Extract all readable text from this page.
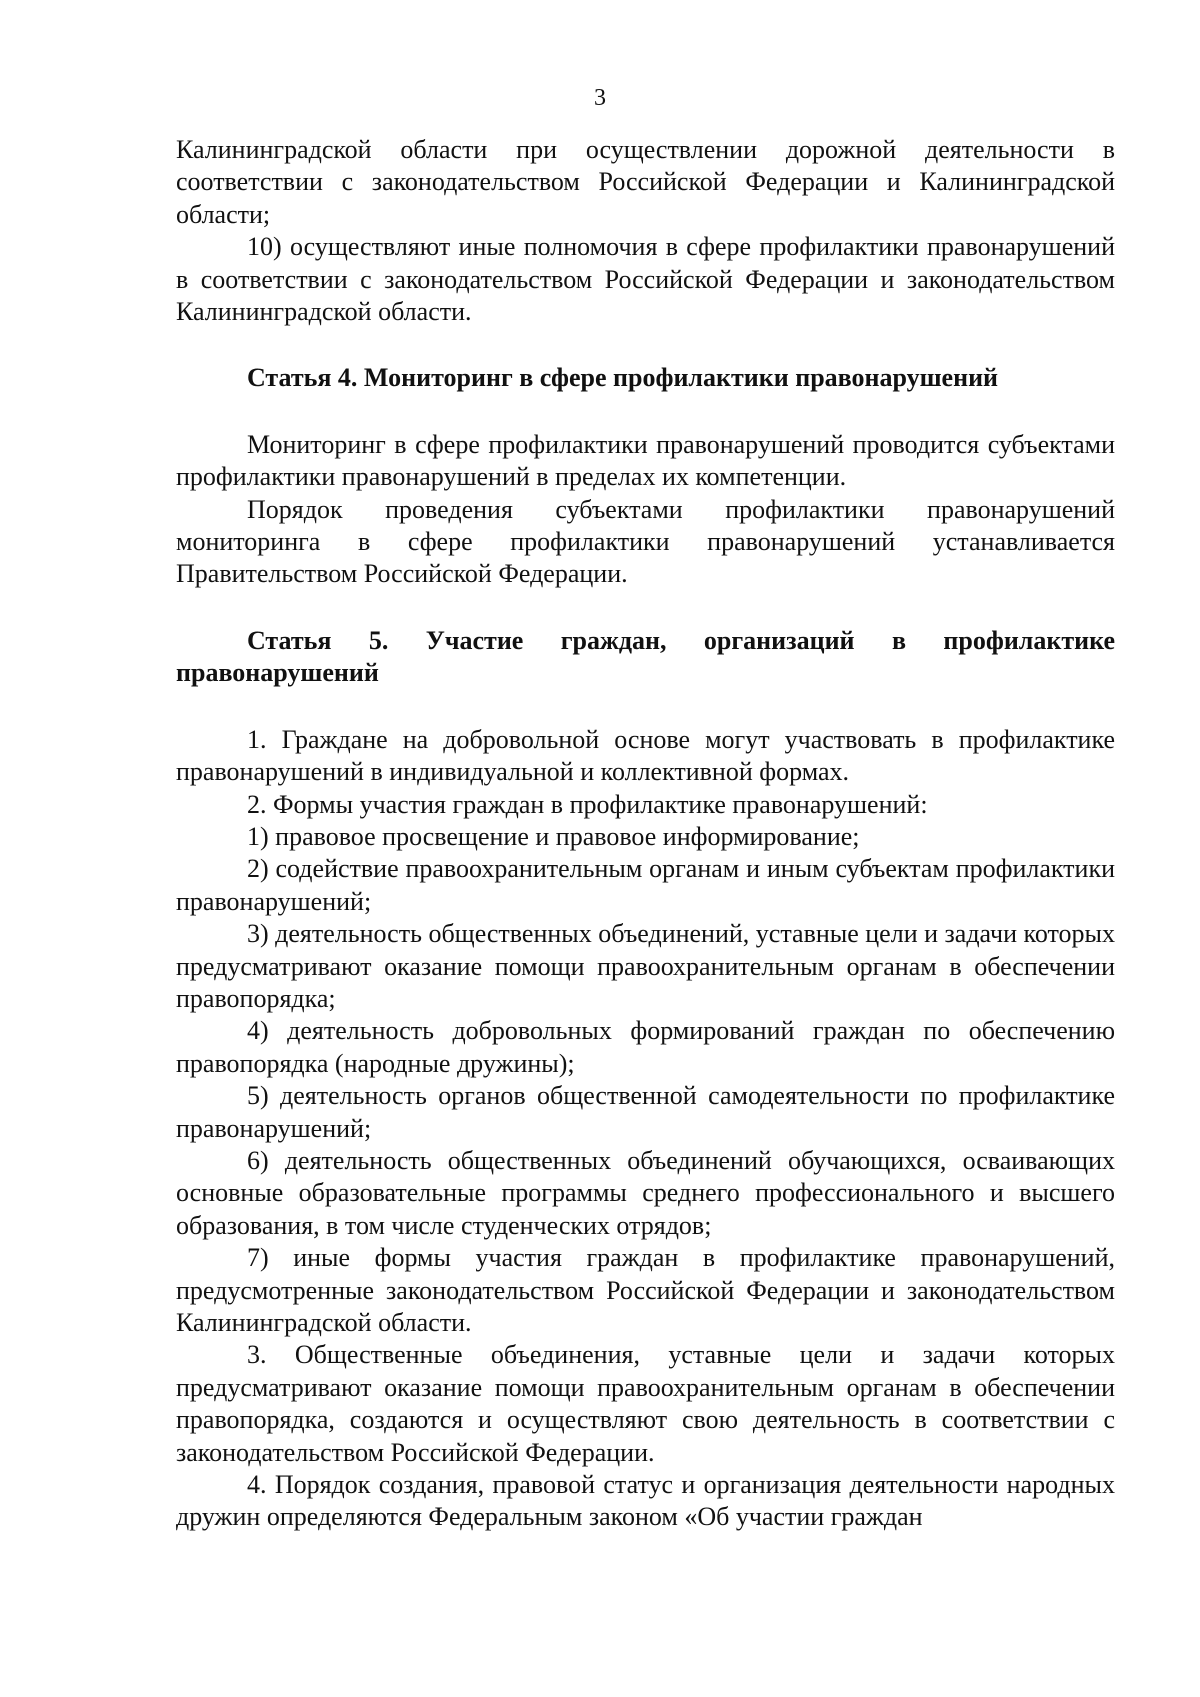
3

Калининградской области при осуществлении дорожной деятельности в соответствии с законодательством Российской Федерации и Калининградской области;

10) осуществляют иные полномочия в сфере профилактики правонарушений в соответствии с законодательством Российской Федерации и законодательством Калининградской области.

Статья 4. Мониторинг в сфере профилактики правонарушений

Мониторинг в сфере профилактики правонарушений проводится субъектами профилактики правонарушений в пределах их компетенции.

Порядок проведения субъектами профилактики правонарушений мониторинга в сфере профилактики правонарушений устанавливается Правительством Российской Федерации.

Статья 5. Участие граждан, организаций в профилактике правонарушений

1. Граждане на добровольной основе могут участвовать в профилактике правонарушений в индивидуальной и коллективной формах.

2. Формы участия граждан в профилактике правонарушений:

1) правовое просвещение и правовое информирование;

2) содействие правоохранительным органам и иным субъектам профилактики правонарушений;

3) деятельность общественных объединений, уставные цели и задачи которых предусматривают оказание помощи правоохранительным органам в обеспечении правопорядка;

4) деятельность добровольных формирований граждан по обеспечению правопорядка (народные дружины);

5) деятельность органов общественной самодеятельности по профилактике правонарушений;

6) деятельность общественных объединений обучающихся, осваивающих основные образовательные программы среднего профессионального и высшего образования, в том числе студенческих отрядов;

7) иные формы участия граждан в профилактике правонарушений, предусмотренные законодательством Российской Федерации и законодательством Калининградской области.

3. Общественные объединения, уставные цели и задачи которых предусматривают оказание помощи правоохранительным органам в обеспечении правопорядка, создаются и осуществляют свою деятельность в соответствии с законодательством Российской Федерации.

4. Порядок создания, правовой статус и организация деятельности народных дружин определяются Федеральным законом «Об участии граждан
